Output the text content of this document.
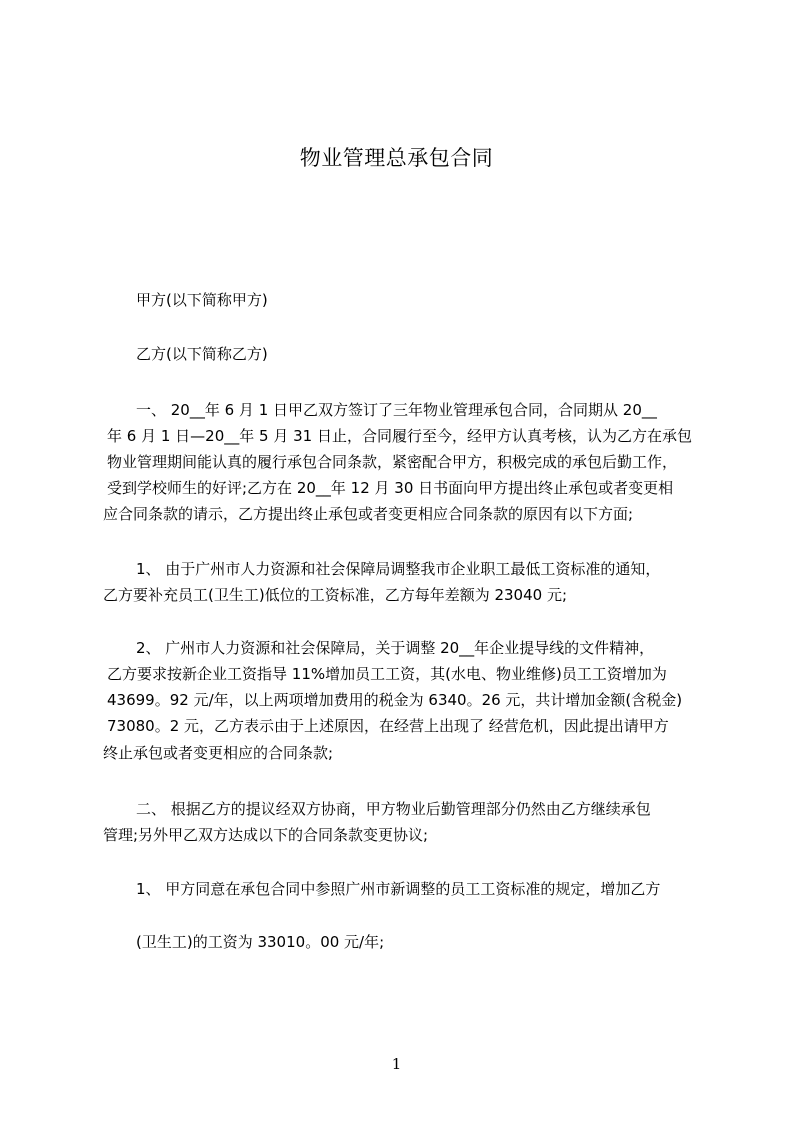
物业管理总承包合同
甲方(以下简称甲方)
乙方(以下简称乙方)
一、 20__年 6 月 1 日甲乙双方签订了三年物业管理承包合同，合同期从 20__
年 6 月 1 日—20__年 5 月 31 日止，合同履行至今，经甲方认真考核，认为乙方在承包
物业管理期间能认真的履行承包合同条款，紧密配合甲方，积极完成的承包后勤工作，
受到学校师生的好评;乙方在 20__年 12 月 30 日书面向甲方提出终止承包或者变更相
应合同条款的请示，乙方提出终止承包或者变更相应合同条款的原因有以下方面;
1、 由于广州市人力资源和社会保障局调整我市企业职工最低工资标准的通知，
乙方要补充员工(卫生工)低位的工资标准，乙方每年差额为 23040 元;
2、 广州市人力资源和社会保障局，关于调整 20__年企业提导线的文件精神，
乙方要求按新企业工资指导 11%增加员工工资，其(水电、物业维修)员工工资增加为
43699。92 元/年，以上两项增加费用的税金为 6340。26 元，共计增加金额(含税金)
73080。2 元，乙方表示由于上述原因，在经营上出现了 经营危机，因此提出请甲方
终止承包或者变更相应的合同条款;
二、 根据乙方的提议经双方协商，甲方物业后勤管理部分仍然由乙方继续承包
管理;另外甲乙双方达成以下的合同条款变更协议;
1、 甲方同意在承包合同中参照广州市新调整的员工工资标准的规定，增加乙方
(卫生工)的工资为 33010。00 元/年;
1
